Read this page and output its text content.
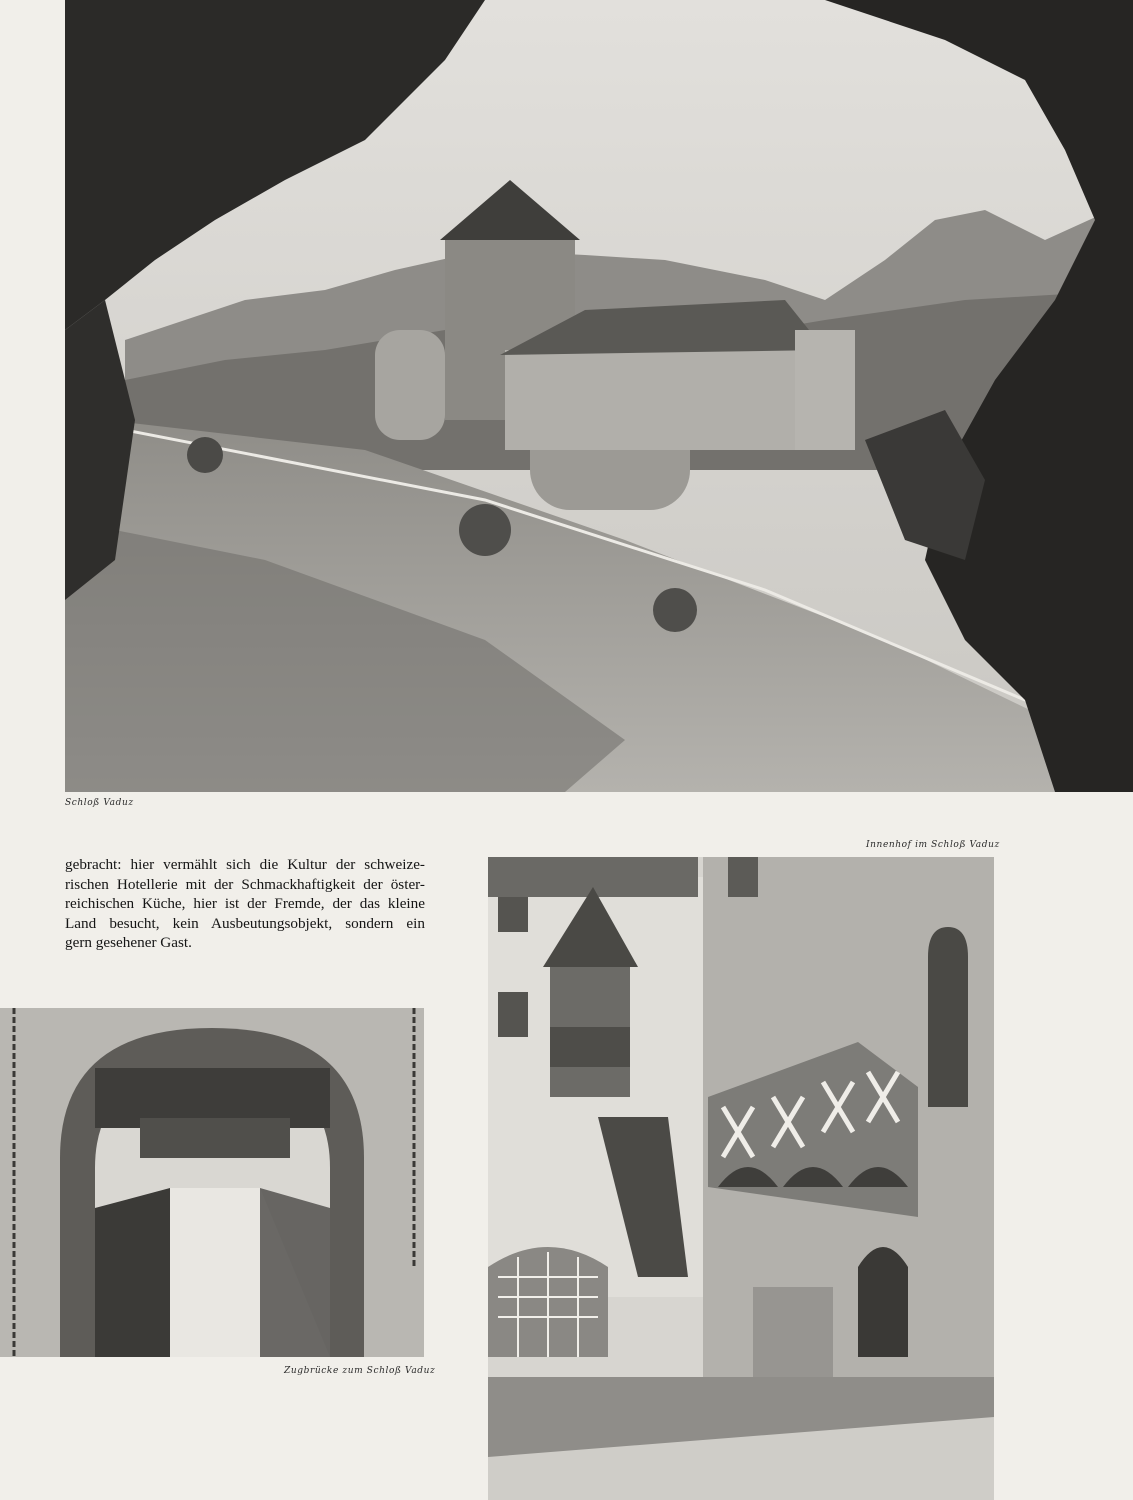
Schloß Vaduz
Innenhof im Schloß Vaduz
gebracht: hier vermählt sich die Kultur der schweize-
rischen Hotellerie mit der Schmackhaftigkeit der öster-
reichischen Küche, hier ist der Fremde, der das kleine
Land besucht, kein Ausbeutungsobjekt, sondern ein
gern gesehener Gast.
Zugbrücke zum Schloß Vaduz
